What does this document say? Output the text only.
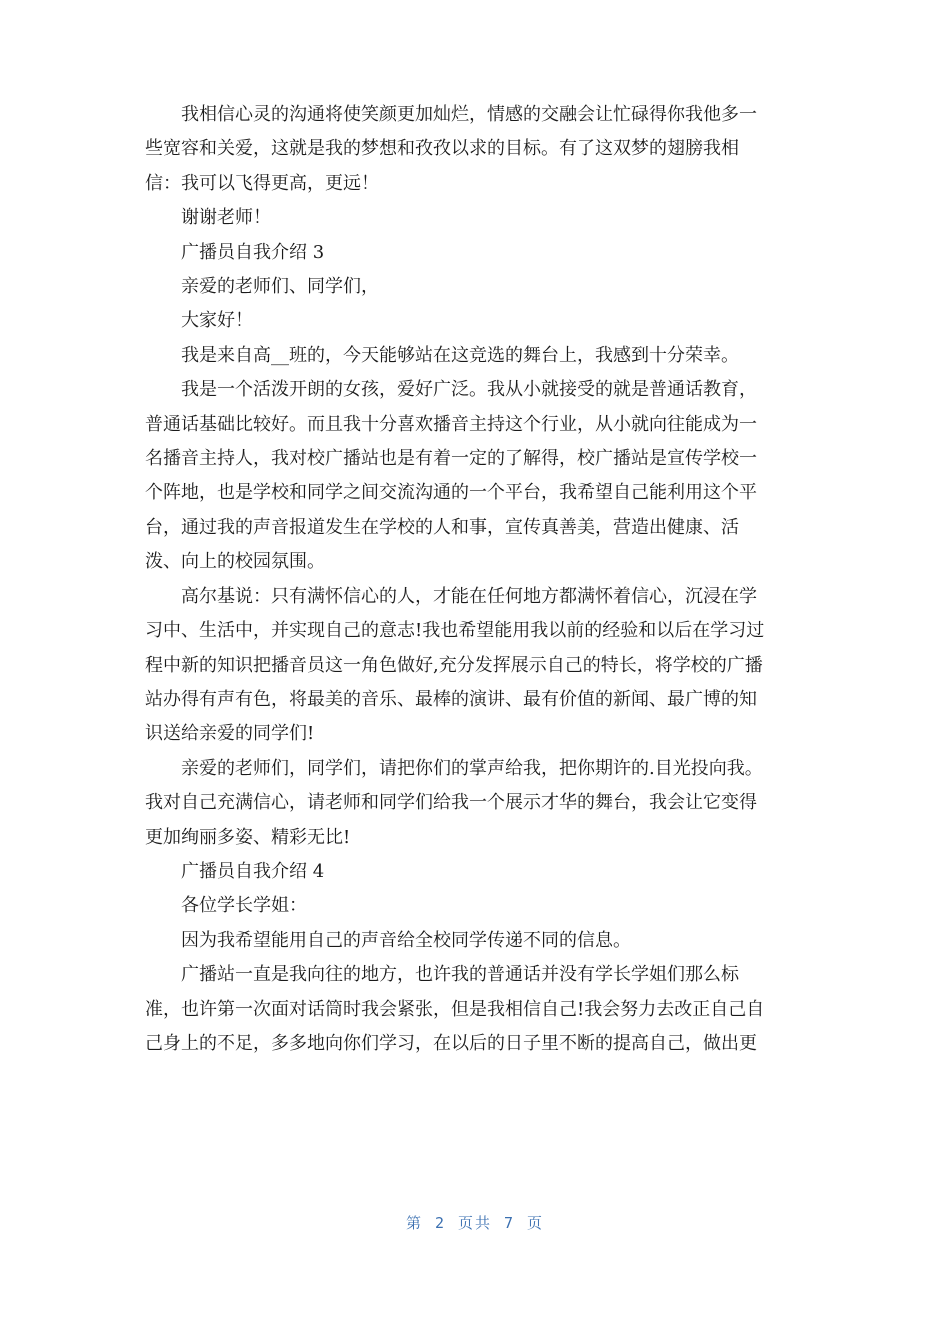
我相信心灵的沟通将使笑颜更加灿烂，情感的交融会让忙碌得你我他多一
些宽容和关爱，这就是我的梦想和孜孜以求的目标。有了这双梦的翅膀我相
信：我可以飞得更高，更远！
谢谢老师！
广播员自我介绍 3
亲爱的老师们、同学们，
大家好！
我是来自高__班的，今天能够站在这竞选的舞台上，我感到十分荣幸。
我是一个活泼开朗的女孩，爱好广泛。我从小就接受的就是普通话教育，
普通话基础比较好。而且我十分喜欢播音主持这个行业，从小就向往能成为一
名播音主持人，我对校广播站也是有着一定的了解得，校广播站是宣传学校一
个阵地，也是学校和同学之间交流沟通的一个平台，我希望自己能利用这个平
台，通过我的声音报道发生在学校的人和事，宣传真善美，营造出健康、活
泼、向上的校园氛围。
高尔基说：只有满怀信心的人，才能在任何地方都满怀着信心，沉浸在学
习中、生活中，并实现自己的意志!我也希望能用我以前的经验和以后在学习过
程中新的知识把播音员这一角色做好,充分发挥展示自己的特长，将学校的广播
站办得有声有色，将最美的音乐、最棒的演讲、最有价值的新闻、最广博的知
识送给亲爱的同学们!
亲爱的老师们，同学们，请把你们的掌声给我，把你期许的.目光投向我。
我对自己充满信心，请老师和同学们给我一个展示才华的舞台，我会让它变得
更加绚丽多姿、精彩无比!
广播员自我介绍 4
各位学长学姐：
因为我希望能用自己的声音给全校同学传递不同的信息。
广播站一直是我向往的地方，也许我的普通话并没有学长学姐们那么标
准，也许第一次面对话筒时我会紧张，但是我相信自己!我会努力去改正自己自
己身上的不足，多多地向你们学习，在以后的日子里不断的提高自己，做出更
第 2 页共 7 页
